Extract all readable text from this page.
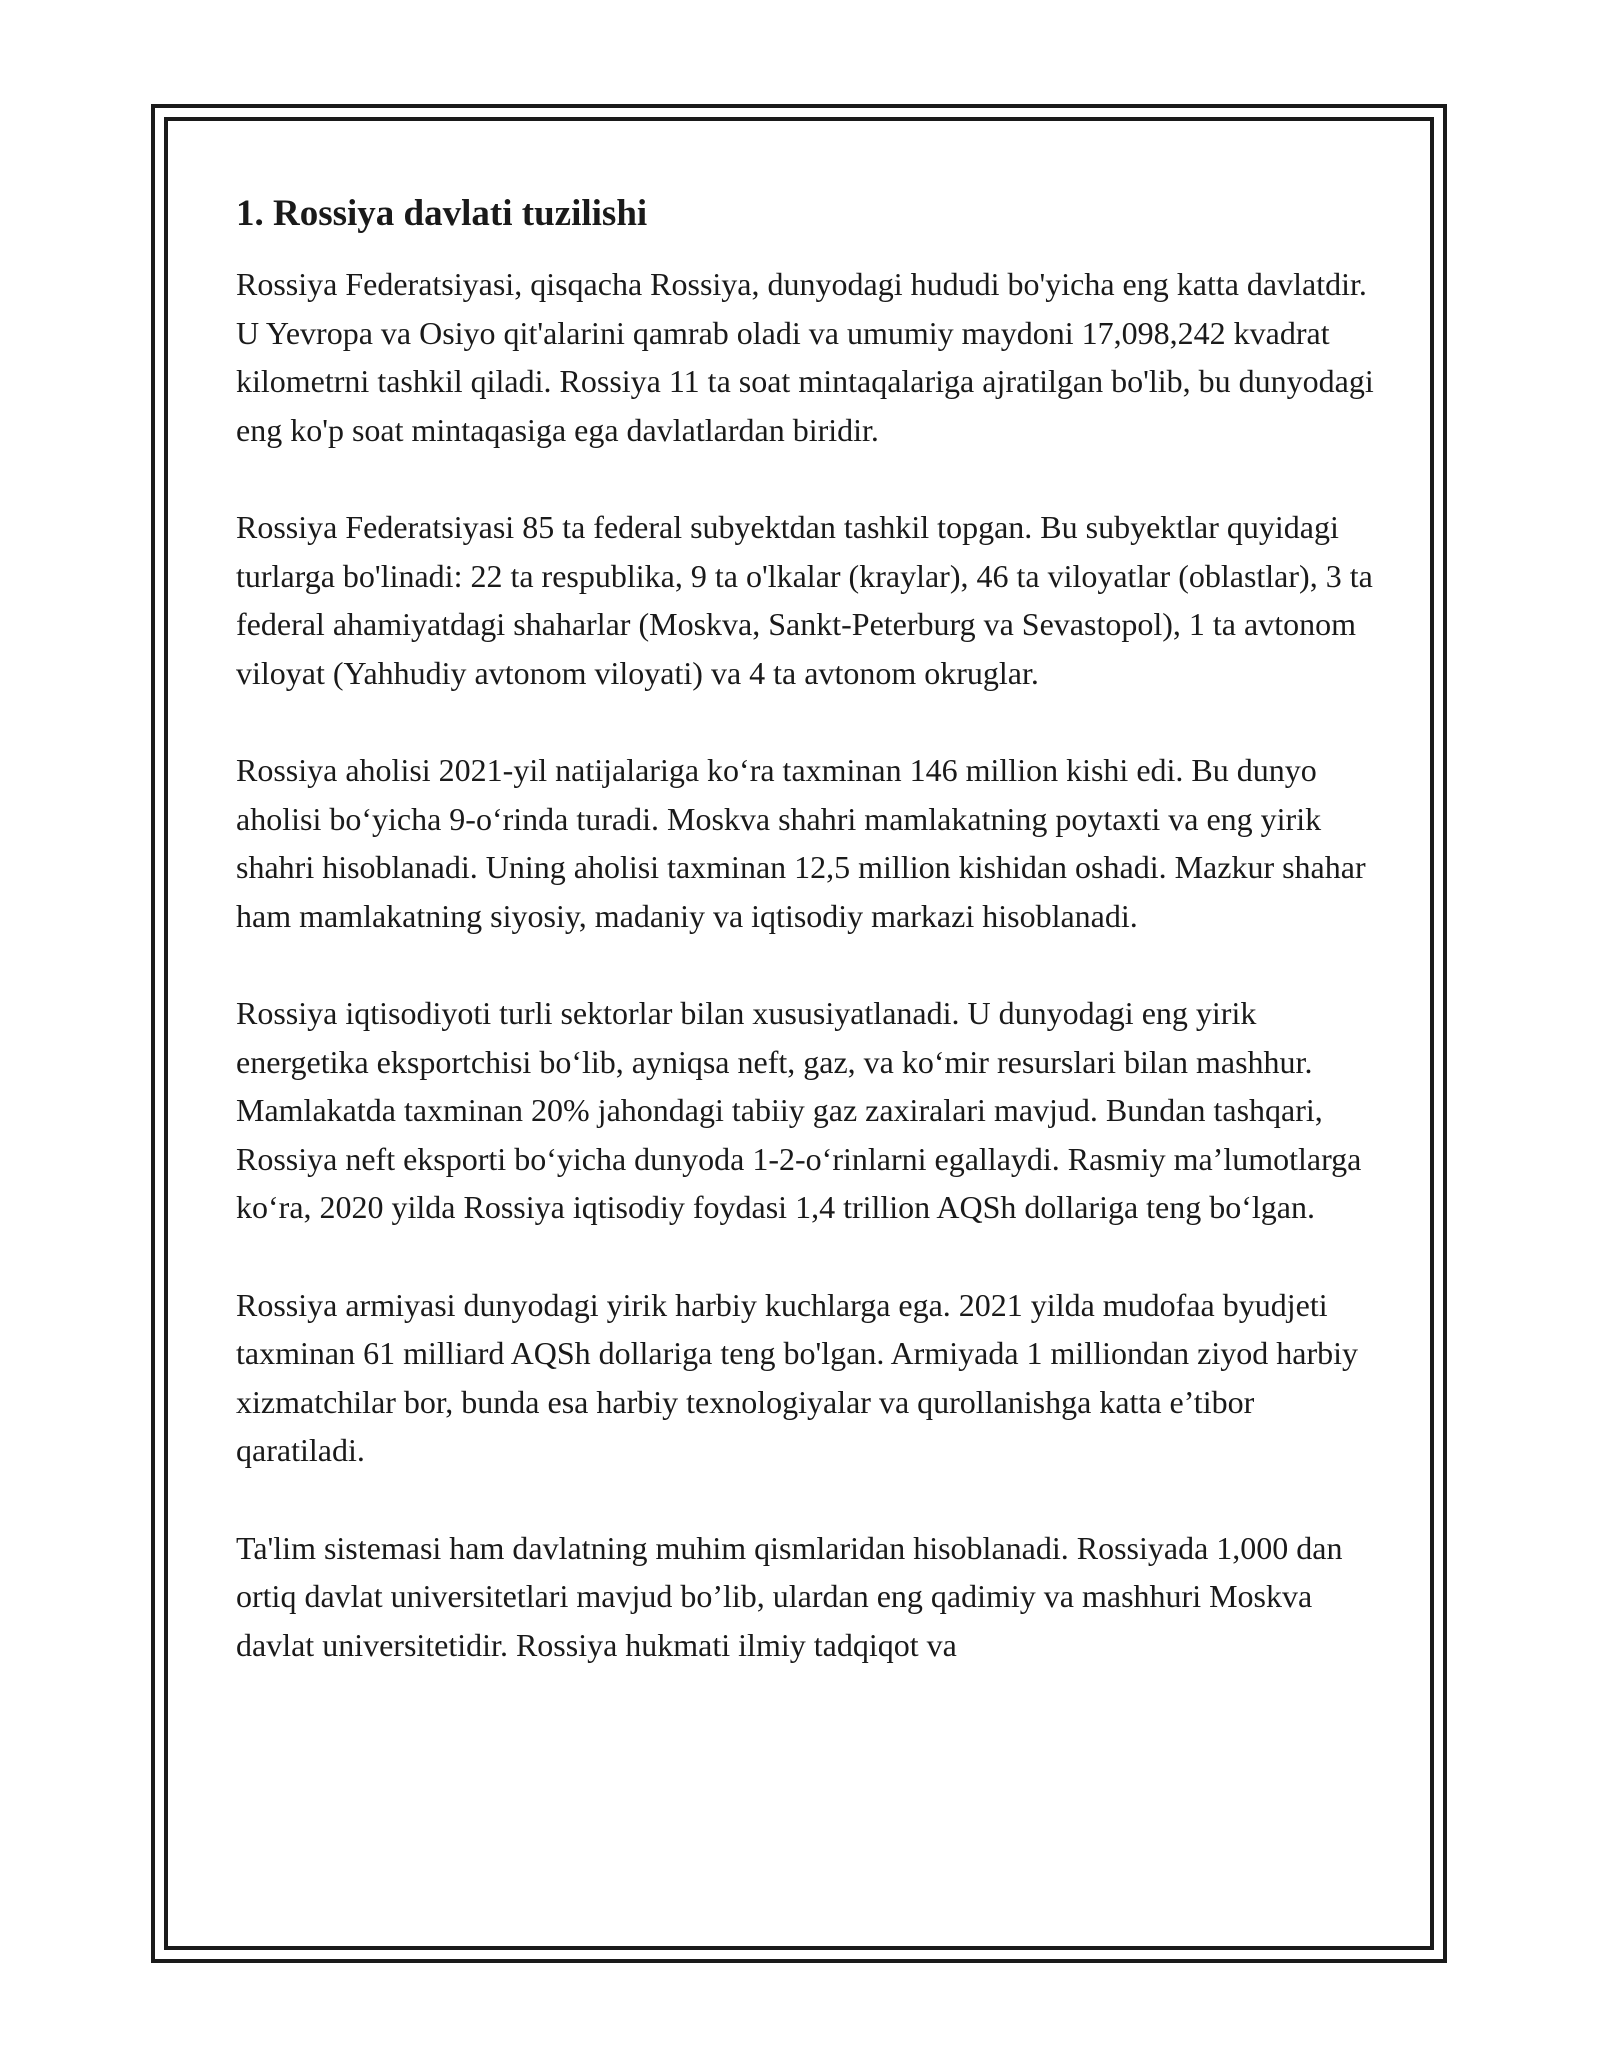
1. Rossiya davlati tuzilishi

Rossiya Federatsiyasi, qisqacha Rossiya, dunyodagi hududi bo'yicha eng katta davlatdir. U Yevropa va Osiyo qit'alarini qamrab oladi va umumiy maydoni 17,098,242 kvadrat kilometrni tashkil qiladi. Rossiya 11 ta soat mintaqalariga ajratilgan bo'lib, bu dunyodagi eng ko'p soat mintaqasiga ega davlatlardan biridir.

Rossiya Federatsiyasi 85 ta federal subyektdan tashkil topgan. Bu subyektlar quyidagi turlarga bo'linadi: 22 ta respublika, 9 ta o'lkalar (kraylar), 46 ta viloyatlar (oblastlar), 3 ta federal ahamiyatdagi shaharlar (Moskva, Sankt-Peterburg va Sevastopol), 1 ta avtonom viloyat (Yahhudiy avtonom viloyati) va 4 ta avtonom okruglar.

Rossiya aholisi 2021-yil natijalariga koʻra taxminan 146 million kishi edi. Bu dunyo aholisi boʻyicha 9-oʻrinda turadi. Moskva shahri mamlakatning poytaxti va eng yirik shahri hisoblanadi. Uning aholisi taxminan 12,5 million kishidan oshadi. Mazkur shahar ham mamlakatning siyosiy, madaniy va iqtisodiy markazi hisoblanadi.

Rossiya iqtisodiyoti turli sektorlar bilan xususiyatlanadi. U dunyodagi eng yirik energetika eksportchisi boʻlib, ayniqsa neft, gaz, va koʻmir resurslari bilan mashhur. Mamlakatda taxminan 20% jahondagi tabiiy gaz zaxiralari mavjud. Bundan tashqari, Rossiya neft eksporti boʻyicha dunyoda 1-2-oʻrinlarni egallaydi. Rasmiy ma’lumotlarga koʻra, 2020 yilda Rossiya iqtisodiy foydasi 1,4 trillion AQSh dollariga teng boʻlgan.

Rossiya armiyasi dunyodagi yirik harbiy kuchlarga ega. 2021 yilda mudofaa byudjeti taxminan 61 milliard AQSh dollariga teng bo'lgan. Armiyada 1 milliondan ziyod harbiy xizmatchilar bor, bunda esa harbiy texnologiyalar va qurollanishga katta e’tibor qaratiladi.

Ta'lim sistemasi ham davlatning muhim qismlaridan hisoblanadi. Rossiyada 1,000 dan ortiq davlat universitetlari mavjud bo’lib, ulardan eng qadimiy va mashhuri Moskva davlat universitetidir. Rossiya hukmati ilmiy tadqiqot va
